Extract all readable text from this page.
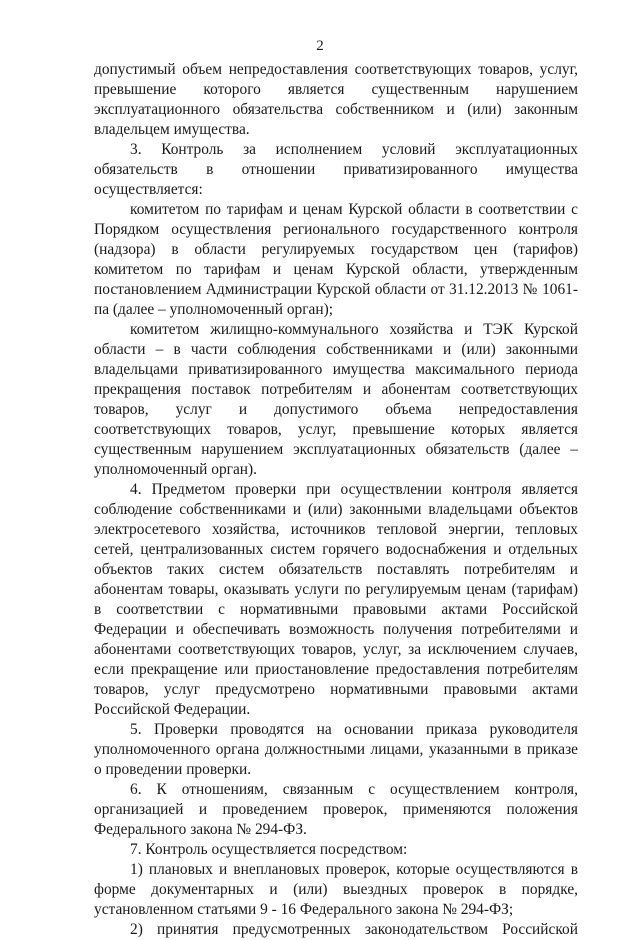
2

допустимый объем непредоставления соответствующих товаров, услуг, превышение которого является существенным нарушением эксплуатационного обязательства собственником и (или) законным владельцем имущества.

3. Контроль за исполнением условий эксплуатационных обязательств в отношении приватизированного имущества осуществляется:

комитетом по тарифам и ценам Курской области в соответствии с Порядком осуществления регионального государственного контроля (надзора) в области регулируемых государством цен (тарифов) комитетом по тарифам и ценам Курской области, утвержденным постановлением Администрации Курской области от 31.12.2013 № 1061-па (далее – уполномоченный орган);

комитетом жилищно-коммунального хозяйства и ТЭК Курской области – в части соблюдения собственниками и (или) законными владельцами приватизированного имущества максимального периода прекращения поставок потребителям и абонентам соответствующих товаров, услуг и допустимого объема непредоставления соответствующих товаров, услуг, превышение которых является существенным нарушением эксплуатационных обязательств (далее – уполномоченный орган).

4. Предметом проверки при осуществлении контроля является соблюдение собственниками и (или) законными владельцами объектов электросетевого хозяйства, источников тепловой энергии, тепловых сетей, централизованных систем горячего водоснабжения и отдельных объектов таких систем обязательств поставлять потребителям и абонентам товары, оказывать услуги по регулируемым ценам (тарифам) в соответствии с нормативными правовыми актами Российской Федерации и обеспечивать возможность получения потребителями и абонентами соответствующих товаров, услуг, за исключением случаев, если прекращение или приостановление предоставления потребителям товаров, услуг предусмотрено нормативными правовыми актами Российской Федерации.

5. Проверки проводятся на основании приказа руководителя уполномоченного органа должностными лицами, указанными в приказе о проведении проверки.

6. К отношениям, связанным с осуществлением контроля, организацией и проведением проверок, применяются положения Федерального закона № 294-ФЗ.

7. Контроль осуществляется посредством:

1) плановых и внеплановых проверок, которые осуществляются в форме документарных и (или) выездных проверок в порядке, установленном статьями 9 - 16 Федерального закона № 294-ФЗ;

2) принятия предусмотренных законодательством Российской
